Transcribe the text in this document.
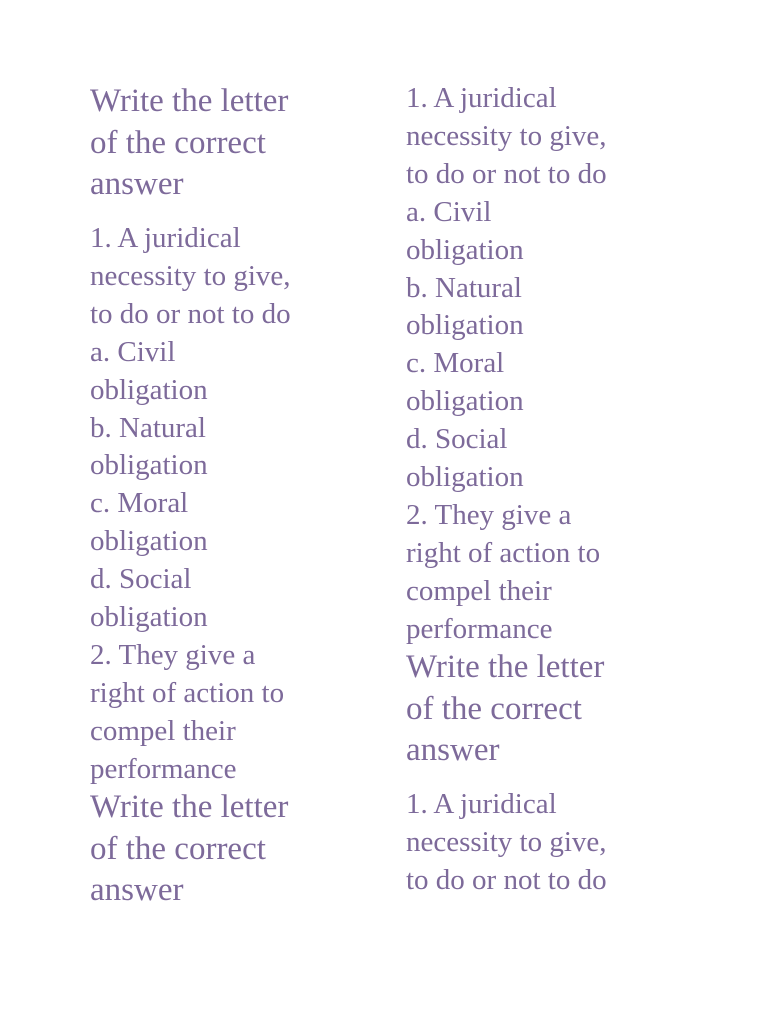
Write the letter
of the correct
answer
1. A juridical
necessity to give,
to do or not to do
a. Civil
obligation
b. Natural
obligation
c. Moral
obligation
d. Social
obligation
2. They give a
right of action to
compel their
performance
Write the letter
of the correct
answer
1. A juridical
necessity to give,
to do or not to do
a. Civil
obligation
b. Natural
obligation
c. Moral
obligation
d. Social
obligation
2. They give a
right of action to
compel their
performance
Write the letter
of the correct
answer
1. A juridical
necessity to give,
to do or not to do
